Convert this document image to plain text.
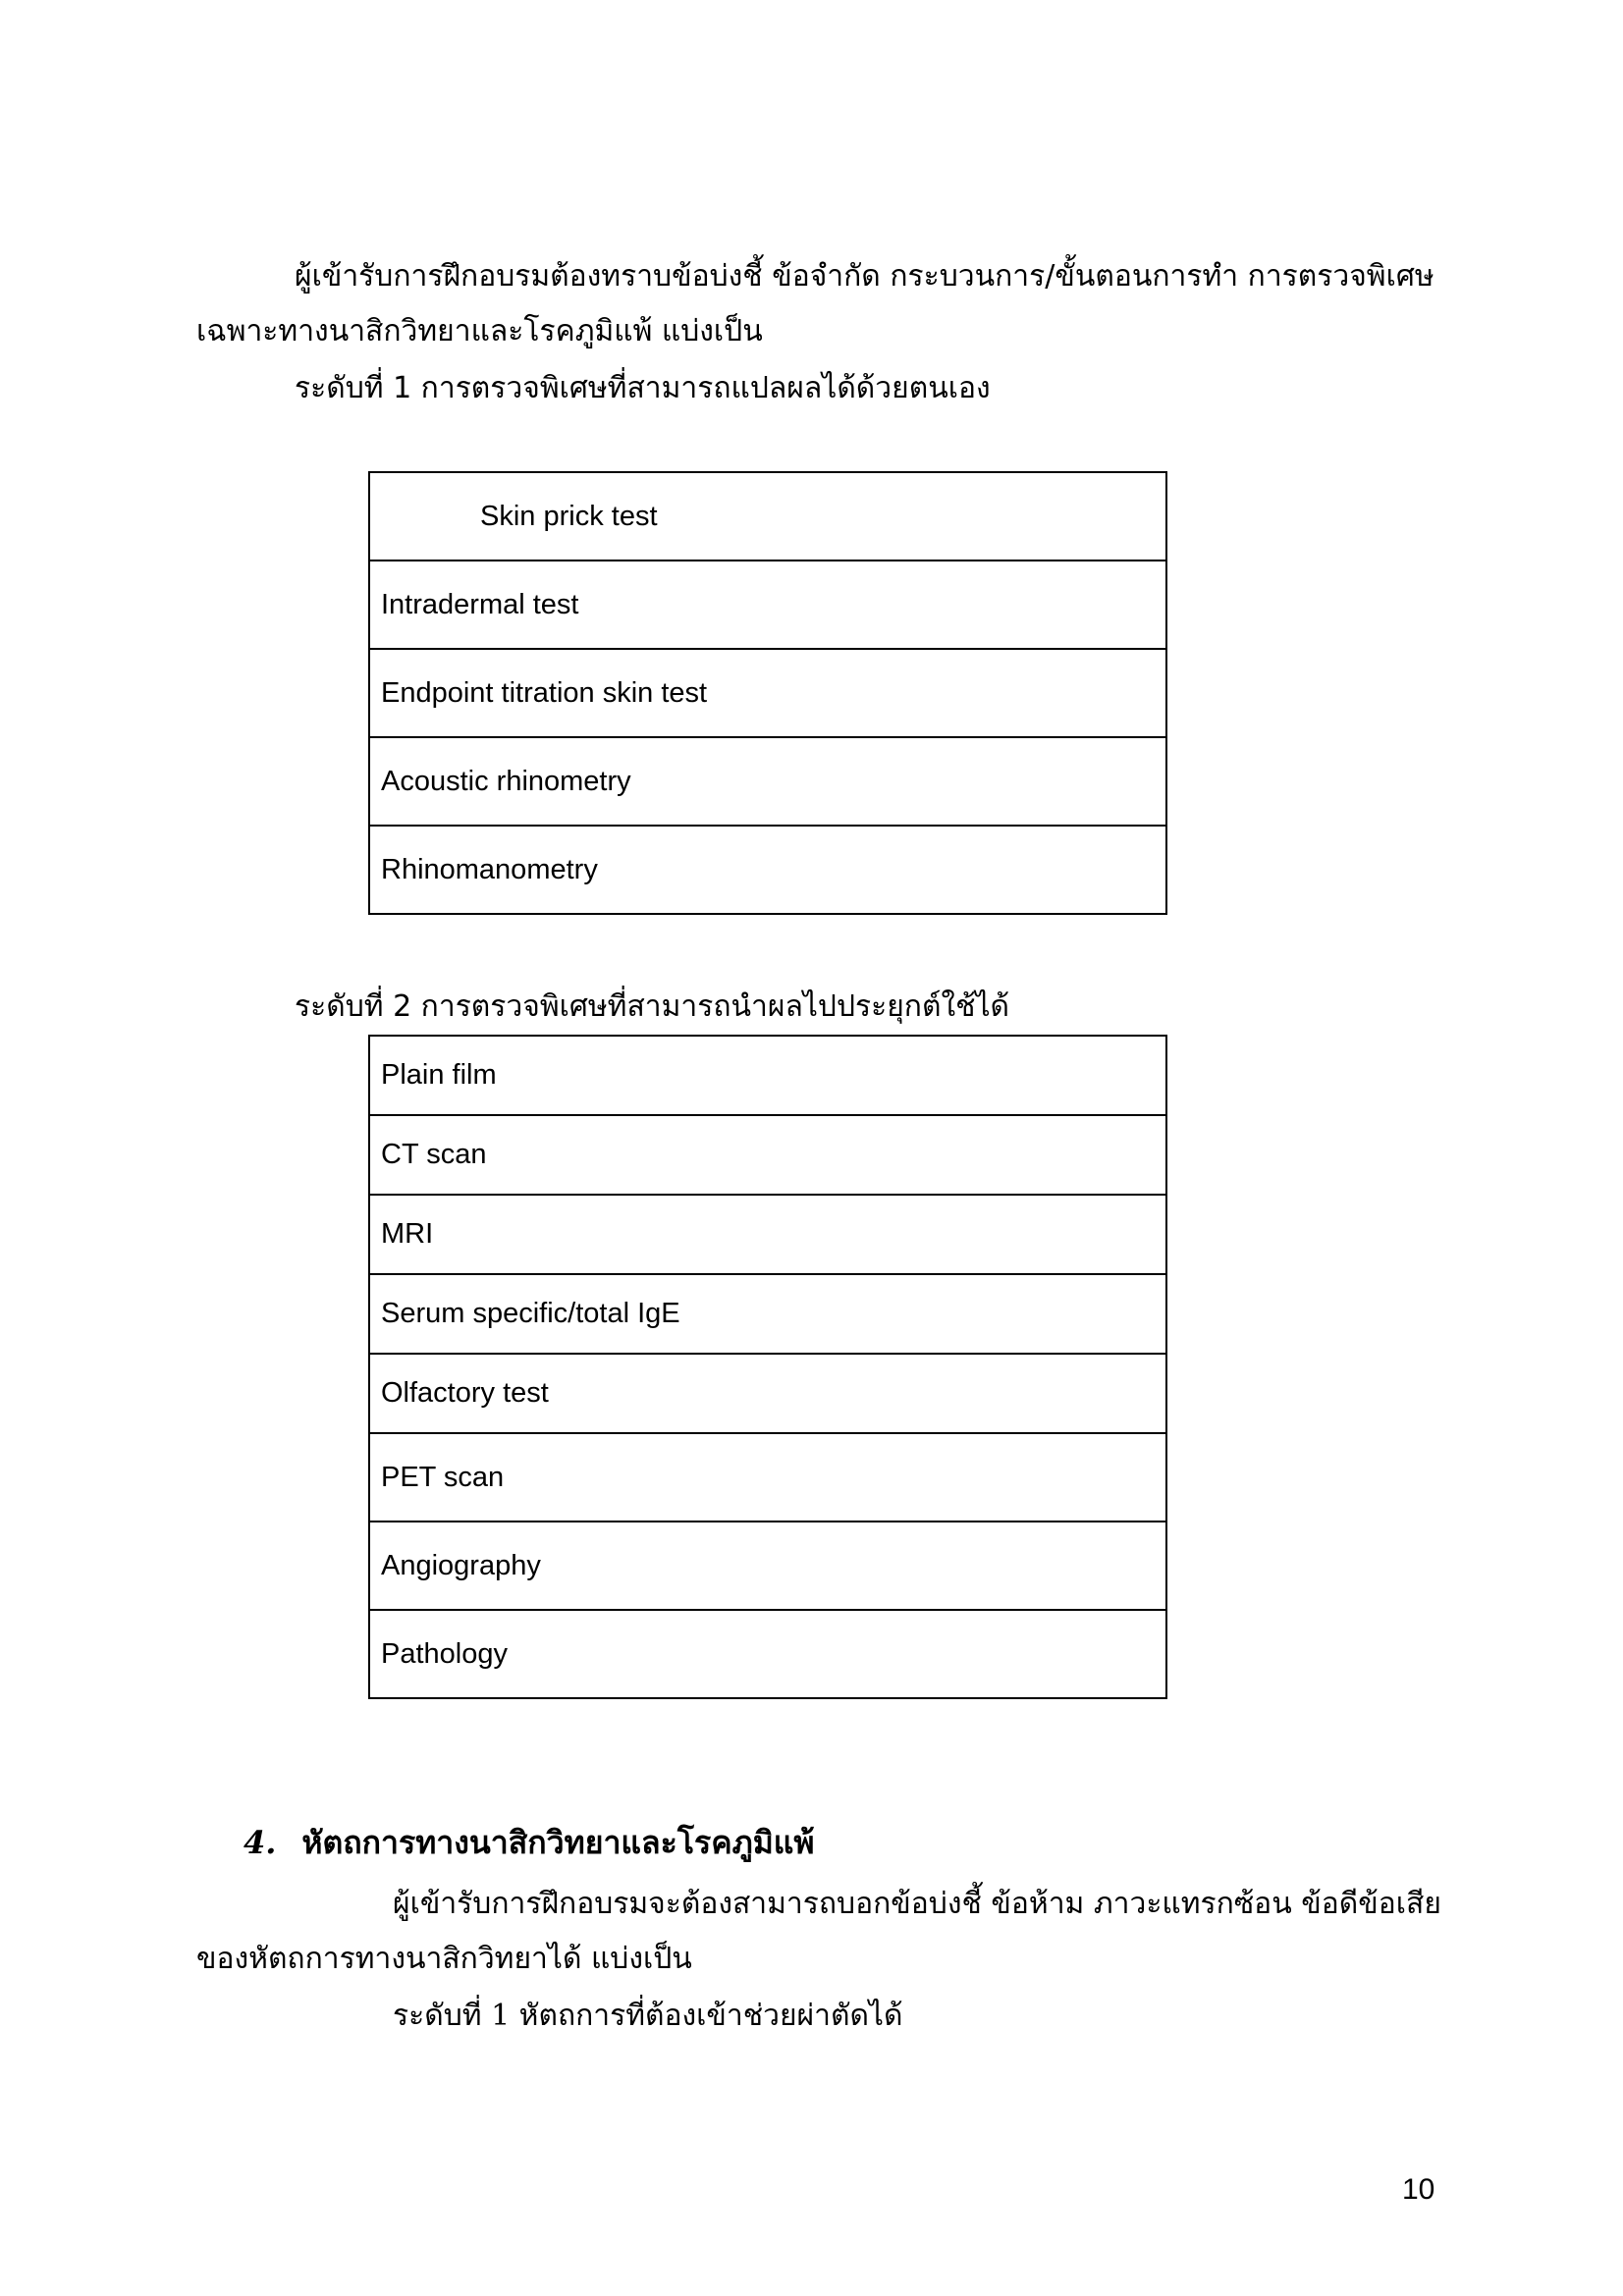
ผู้เข้ารับการฝึกอบรมต้องทราบข้อบ่งชี้ ข้อจำกัด กระบวนการ/ขั้นตอนการทำ การตรวจพิเศษ
เฉพาะทางนาสิกวิทยาและโรคภูมิแพ้ แบ่งเป็น
ระดับที่ 1 การตรวจพิเศษที่สามารถแปลผลได้ด้วยตนเอง
Skin prick test
Intradermal test
Endpoint titration skin test
Acoustic rhinometry
Rhinomanometry
ระดับที่ 2 การตรวจพิเศษที่สามารถนำผลไปประยุกต์ใช้ได้
Plain film
CT scan
MRI
Serum specific/total IgE
Olfactory test
PET scan
Angiography
Pathology
4. หัตถการทางนาสิกวิทยาและโรคภูมิแพ้
ผู้เข้ารับการฝึกอบรมจะต้องสามารถบอกข้อบ่งชี้ ข้อห้าม ภาวะแทรกซ้อน ข้อดีข้อเสีย
ของหัตถการทางนาสิกวิทยาได้ แบ่งเป็น
ระดับที่ 1 หัตถการที่ต้องเข้าช่วยผ่าตัดได้
10
